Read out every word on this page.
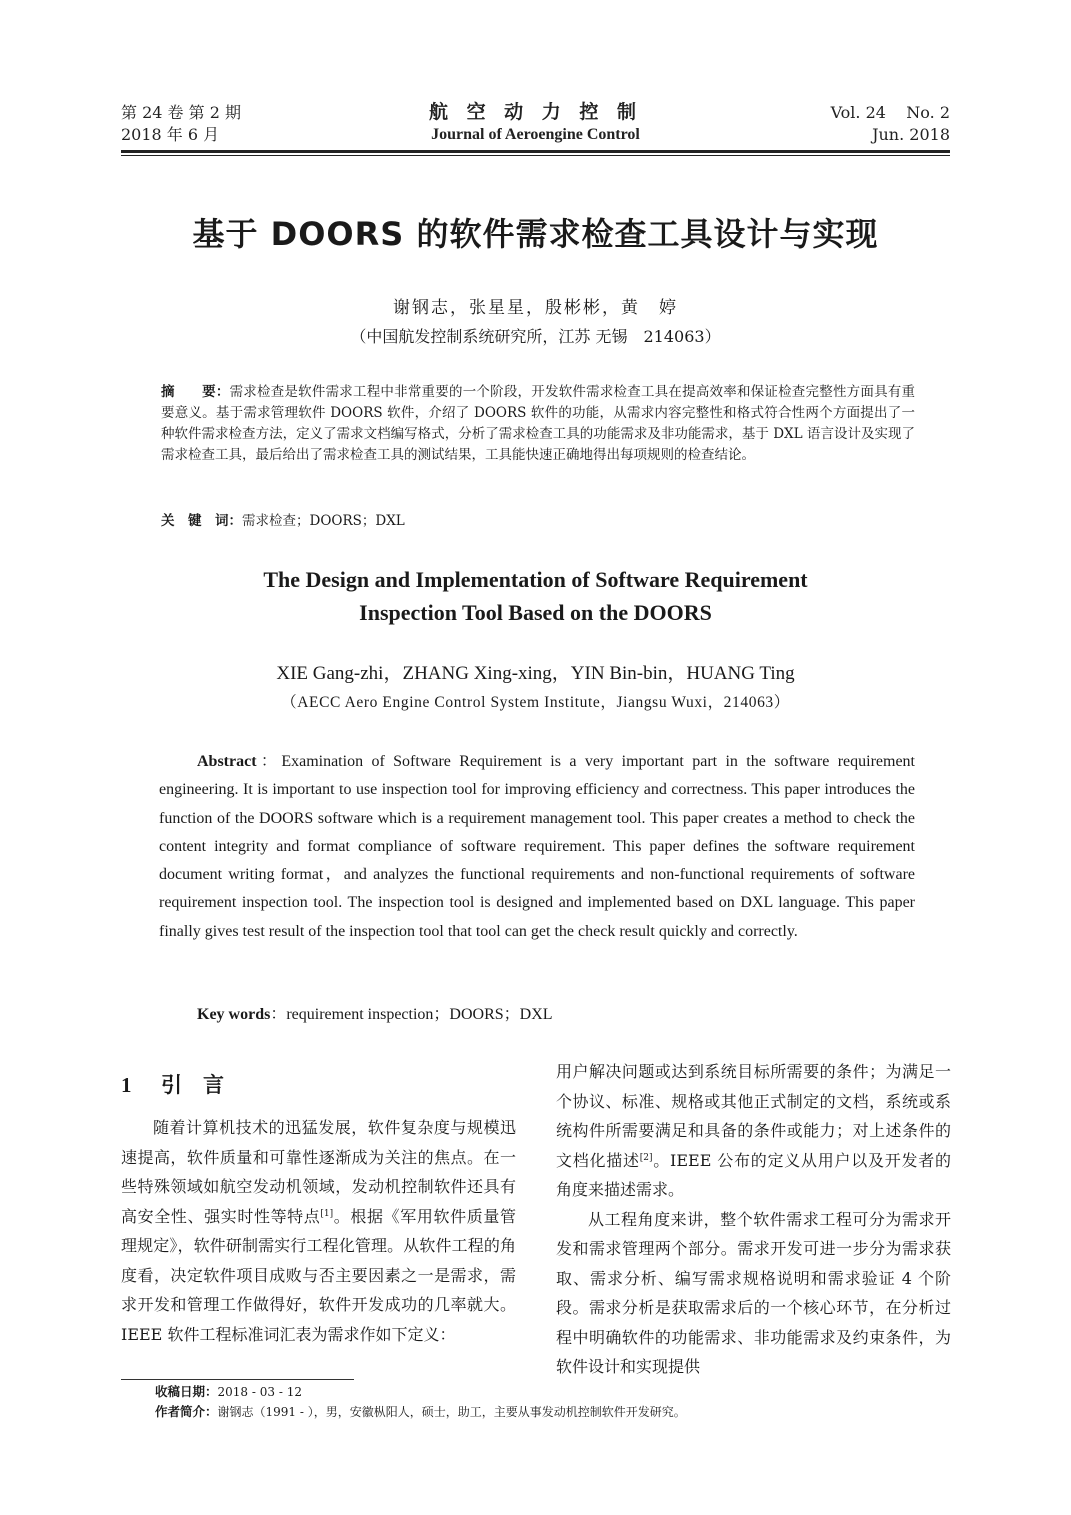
第 24 卷 第 2 期
2018 年 6 月
航 空 动 力 控 制
Journal of Aeroengine Control
Vol. 24    No. 2
Jun. 2018
基于 DOORS 的软件需求检查工具设计与实现
谢钢志，张星星，殷彬彬，黄　婷
（中国航发控制系统研究所，江苏 无锡　214063）
摘　　要：需求检查是软件需求工程中非常重要的一个阶段，开发软件需求检查工具在提高效率和保证检查完整性方面具有重要意义。基于需求管理软件 DOORS 软件，介绍了 DOORS 软件的功能，从需求内容完整性和格式符合性两个方面提出了一种软件需求检查方法，定义了需求文档编写格式，分析了需求检查工具的功能需求及非功能需求，基于 DXL 语言设计及实现了需求检查工具，最后给出了需求检查工具的测试结果，工具能快速正确地得出每项规则的检查结论。
关　键　词：需求检查；DOORS；DXL
The Design and Implementation of Software Requirement
Inspection Tool Based on the DOORS
XIE Gang-zhi，ZHANG Xing-xing，YIN Bin-bin，HUANG Ting
（AECC Aero Engine Control System Institute，Jiangsu Wuxi，214063）
Abstract：Examination of Software Requirement is a very important part in the software requirement engineering. It is important to use inspection tool for improving efficiency and correctness. This paper introduces the function of the DOORS software which is a requirement management tool. This paper creates a method to check the content integrity and format compliance of software requirement. This paper defines the software requirement document writing format，and analyzes the functional requirements and non-functional requirements of software requirement inspection tool. The inspection tool is designed and implemented based on DXL language. This paper finally gives test result of the inspection tool that tool can get the check result quickly and correctly.
Key words：requirement inspection；DOORS；DXL
1 引　言

随着计算机技术的迅猛发展，软件复杂度与规模迅速提高，软件质量和可靠性逐渐成为关注的焦点。在一些特殊领域如航空发动机领域，发动机控制软件还具有高安全性、强实时性等特点[1]。根据《军用软件质量管理规定》，软件研制需实行工程化管理。从软件工程的角度看，决定软件项目成败与否主要因素之一是需求，需求开发和管理工作做得好，软件开发成功的几率就大。IEEE 软件工程标准词汇表为需求作如下定义：

用户解决问题或达到系统目标所需要的条件；为满足一个协议、标准、规格或其他正式制定的文档，系统或系统构件所需要满足和具备的条件或能力；对上述条件的文档化描述[2]。IEEE 公布的定义从用户以及开发者的角度来描述需求。

从工程角度来讲，整个软件需求工程可分为需求开发和需求管理两个部分。需求开发可进一步分为需求获取、需求分析、编写需求规格说明和需求验证 4 个阶段。需求分析是获取需求后的一个核心环节，在分析过程中明确软件的功能需求、非功能需求及约束条件，为软件设计和实现提供

收稿日期：2018 - 03 - 12
作者简介：谢钢志（1991 - ），男，安徽枞阳人，硕士，助工，主要从事发动机控制软件开发研究。
